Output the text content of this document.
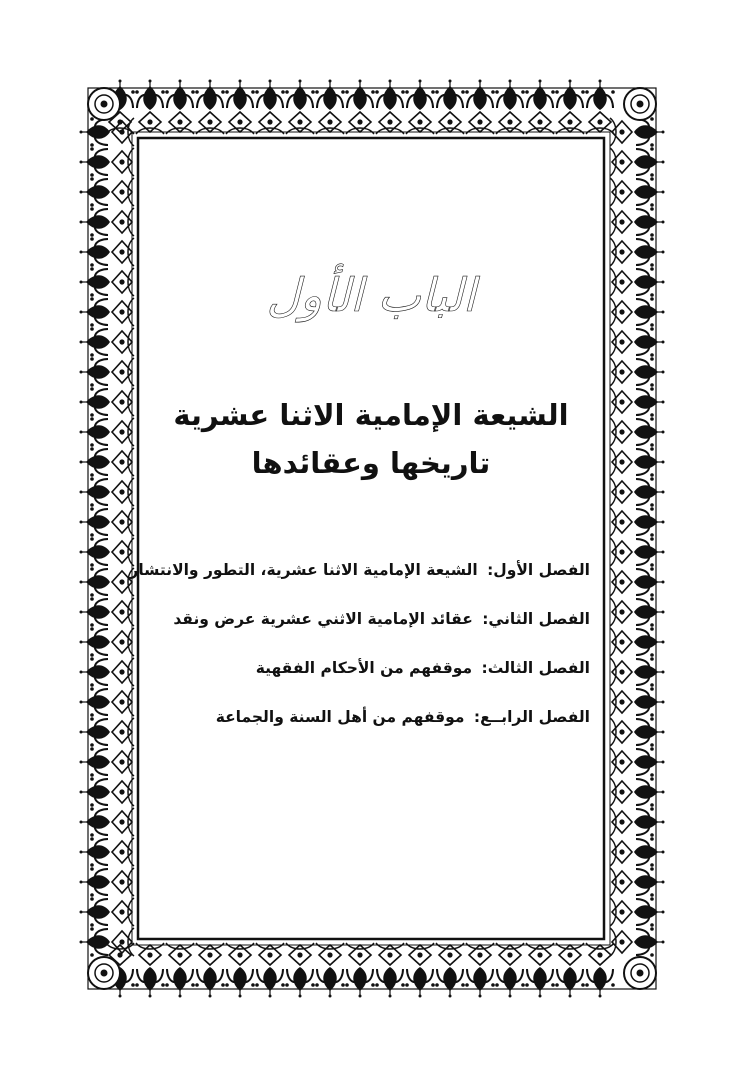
الباب الأول
الشيعة الإمامية الاثنا عشرية
تاريخها وعقائدها
الفصل الأول: الشيعة الإمامية الاثنا عشرية، التطور والانتشار
الفصل الثاني: عقائد الإمامية الاثني عشرية عرض ونقد
الفصل الثالث: موقفهم من الأحكام الفقهية
الفصل الرابــع: موقفهم من أهل السنة والجماعة
